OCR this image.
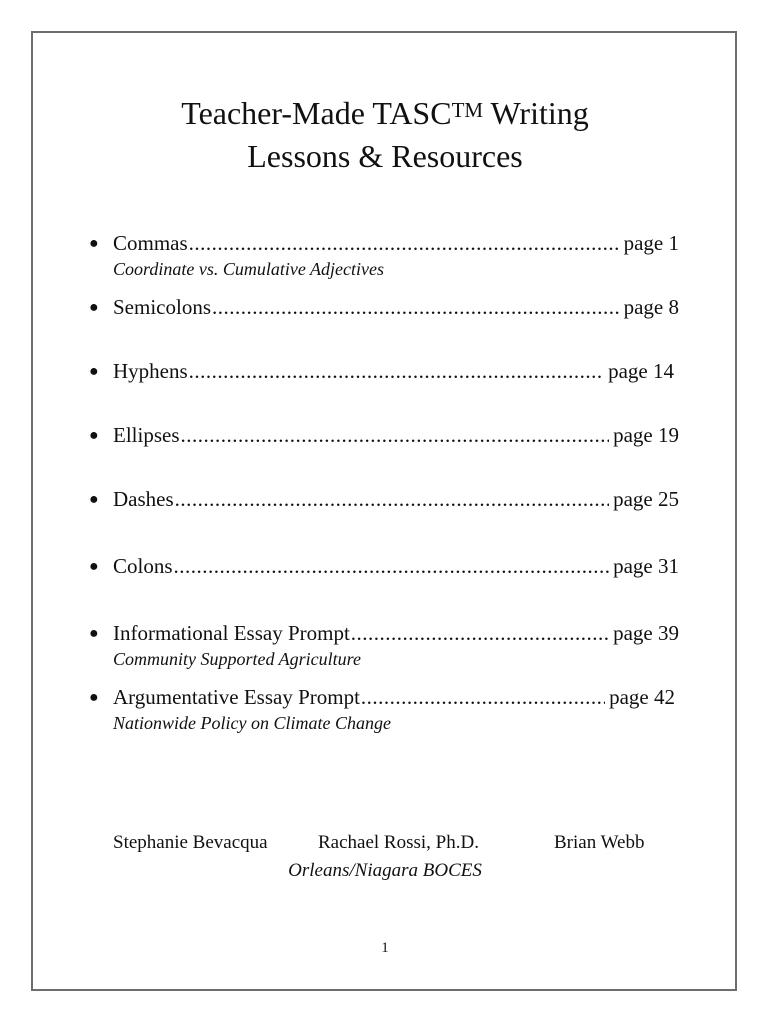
Teacher-Made TASC™ Writing
Lessons & Resources
● Commas .....	page 1
Coordinate vs. Cumulative Adjectives
● Semicolons .....	page 8
● Hyphens .....	page 14
● Ellipses .....	page 19
● Dashes .....	page 25
● Colons .....	page 31
● Informational Essay Prompt .....	page 39
Community Supported Agriculture
● Argumentative Essay Prompt .....	page 42
Nationwide Policy on Climate Change
Stephanie Bevacqua	Rachael Rossi, Ph.D.	Brian Webb
Orleans/Niagara BOCES
1
